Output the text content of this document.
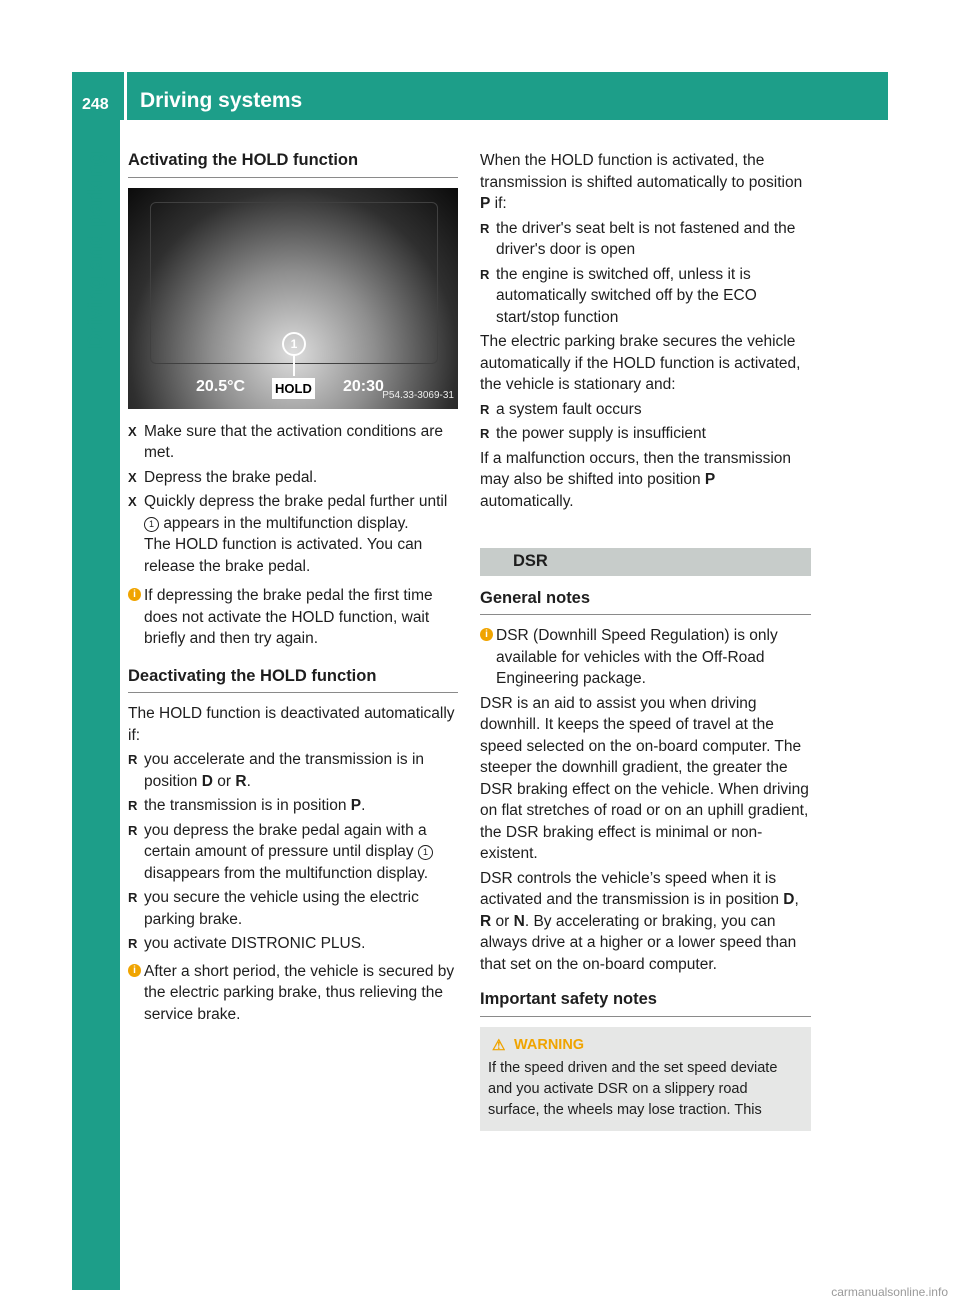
248 Driving systems
Driving and parking Activating the HOLD function
1
20.5°C HOLD 20:30
P54.33-3069-31
X Make sure that the activation conditions are met.
X Depress the brake pedal.
X Quickly depress the brake pedal further until 1 appears in the multifunction display.
The HOLD function is activated. You can release the brake pedal.
i If depressing the brake pedal the first time does not activate the HOLD function, wait briefly and then try again.
Deactivating the HOLD function

The HOLD function is deactivated automatically if:

R you accelerate and the transmission is in position D or R.
R the transmission is in position P.
R you depress the brake pedal again with a certain amount of pressure until display 1 disappears from the multifunction display.
R you secure the vehicle using the electric parking brake.
R you activate DISTRONIC PLUS.
i After a short period, the vehicle is secured by the electric parking brake, thus relieving the service brake.

When the HOLD function is activated, the transmission is shifted automatically to position P if:

R the driver's seat belt is not fastened and the driver's door is open
R the engine is switched off, unless it is automatically switched off by the ECO start/stop function

The electric parking brake secures the vehicle automatically if the HOLD function is activated, the vehicle is stationary and:

R a system fault occurs
R the power supply is insufficient

If a malfunction occurs, then the transmission may also be shifted into position P automatically.

DSR
General notes
i DSR (Downhill Speed Regulation) is only available for vehicles with the Off-Road Engineering package.

DSR is an aid to assist you when driving downhill. It keeps the speed of travel at the speed selected on the on-board computer. The steeper the downhill gradient, the greater the DSR braking effect on the vehicle. When driving on flat stretches of road or on an uphill gradient, the DSR braking effect is minimal or non-existent.

DSR controls the vehicle’s speed when it is activated and the transmission is in position D, R or N. By accelerating or braking, you can always drive at a higher or a lower speed than that set on the on-board computer.

Important safety notes
⚠ WARNING
If the speed driven and the set speed deviate and you activate DSR on a slippery road surface, the wheels may lose traction. This
carmanualsonline.info
